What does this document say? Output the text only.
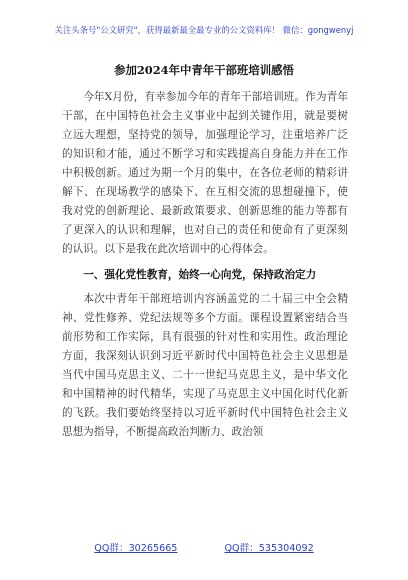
关注头条号"公文研究"，获得最新最全最专业的公文资料库！ 微信：gongwenyj
参加2024年中青年干部班培训感悟

今年X月份，有幸参加今年的青年干部培训班。作为青年干部，在中国特色社会主义事业中起到关键作用，就是要树立远大理想，坚持党的领导，加强理论学习，注重培养广泛的知识和才能，通过不断学习和实践提高自身能力并在工作中积极创新。通过为期一个月的集中，在各位老师的精彩讲解下、在现场教学的感染下、在互相交流的思想碰撞下，使我对党的创新理论、最新政策要求、创新思维的能力等都有了更深入的认识和理解，也对自己的责任和使命有了更深刻的认识。以下是我在此次培训中的心得体会。

一、强化党性教育，始终一心向党，保持政治定力

本次中青年干部班培训内容涵盖党的二十届三中全会精神、党性修养、党纪法规等多个方面。课程设置紧密结合当前形势和工作实际，具有很强的针对性和实用性。政治理论方面，我深刻认识到习近平新时代中国特色社会主义思想是当代中国马克思主义、二十一世纪马克思主义，是中华文化和中国精神的时代精华，实现了马克思主义中国化时代化新的飞跃。我们要始终坚持以习近平新时代中国特色社会主义思想为指导，不断提高政治判断力、政治领

QQ群：30265665	QQ群：535304092
